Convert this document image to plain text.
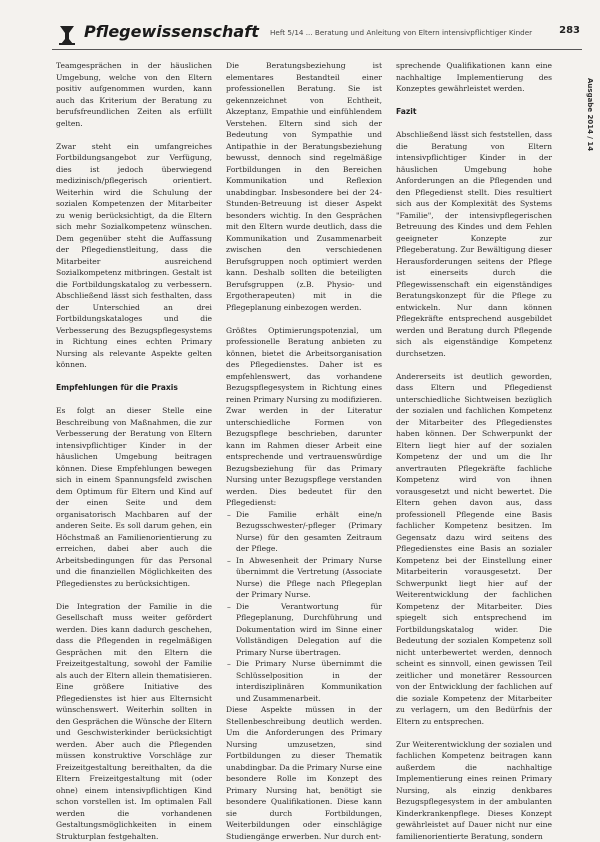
Pflegewissenschaft Heft 5/14 ... Beratung und Anleitung von Eltern intensivpflichtiger Kinder	283
Ausgabe 2014 / 14

Teamgesprächen in der häuslichen Umgebung, welche von den Eltern positiv aufgenommen wurden, kann auch das Kriterium der Beratung zu berufsfreundlichen Zeiten als erfüllt gelten.

Zwar steht ein umfangreiches Fortbildungsangebot zur Verfügung, dies ist jedoch überwiegend medizinisch/pflegerisch orientiert. Weiterhin wird die Schulung der sozialen Kompetenzen der Mitarbeiter zu wenig berücksichtigt, da die Eltern sich mehr Sozialkompetenz wünschen. Dem gegenüber steht die Auffassung der Pflegedienstleitung, dass die Mitarbeiter ausreichend Sozialkompetenz mitbringen. Gestalt ist die Fortbildungskatalog zu verbessern. Abschließend lässt sich festhalten, dass der Unterschied an drei Fortbildungskataloges und die Verbesserung des Bezugspflegesystems in Richtung eines echten Primary Nursing als relevante Aspekte gelten können.

Empfehlungen für die Praxis

Es folgt an dieser Stelle eine Beschreibung von Maßnahmen, die zur Verbesserung der Beratung von Eltern intensivpflichtiger Kinder in der häuslichen Umgebung beitragen können. Diese Empfehlungen bewegen sich in einem Spannungsfeld zwischen dem Optimum für Eltern und Kind auf der einen Seite und dem organisatorisch Machbaren auf der anderen Seite. Es soll darum gehen, ein Höchstmaß an Familienorientierung zu erreichen, dabei aber auch die Arbeitsbedingungen für das Personal und die finanziellen Möglichkeiten des Pflegedienstes zu berücksichtigen.

Die Integration der Familie in die Gesellschaft muss weiter gefördert werden. Dies kann dadurch geschehen, dass die Pflegenden in regelmäßigen Gesprächen mit den Eltern die Freizeitgestaltung, sowohl der Familie als auch der Eltern allein thematisieren. Eine größere Initiative des Pflegedienstes ist hier aus Elternsicht wünschenswert. Weiterhin sollten in den Gesprächen die Wünsche der Eltern und Geschwisterkinder berücksichtigt werden. Aber auch die Pflegenden müssen konstruktive Vorschläge zur Freizeitgestaltung bereithalten, da die Eltern Freizeitgestaltung mit (oder ohne) einem intensivpflichtigen Kind schon vorstellen ist. Im optimalen Fall werden die vorhandenen Gestaltungsmöglichkeiten in einem Strukturplan festgehalten.

Die Beratungsbeziehung ist elementares Bestandteil einer professionellen Beratung. Sie ist gekennzeichnet von Echtheit, Akzeptanz, Empathie und einfühlendem Verstehen. Eltern sind sich der Bedeutung von Sympathie und Antipathie in der Beratungsbeziehung bewusst, dennoch sind regelmäßige Fortbildungen in den Bereichen Kommunikation und Reflexion unabdingbar. Insbesondere bei der 24-Stunden-Betreuung ist dieser Aspekt besonders wichtig. In den Gesprächen mit den Eltern wurde deutlich, dass die Kommunikation und Zusammenarbeit zwischen den verschiedenen Berufsgruppen noch optimiert werden kann. Deshalb sollten die beteiligten Berufsgruppen (z.B. Physio- und Ergotherapeuten) mit in die Pflegeplanung einbezogen werden.

Größtes Optimierungspotenzial, um professionelle Beratung anbieten zu können, bietet die Arbeitsorganisation des Pflegedienstes. Daher ist es empfehlenswert, das vorhandene Bezugspflegesystem in Richtung eines reinen Primary Nursing zu modifizieren. Zwar werden in der Literatur unterschiedliche Formen von Bezugspflege beschrieben, darunter kann im Rahmen dieser Arbeit eine entsprechende und vertrauenswürdige Bezugsbeziehung für das Primary Nursing unter Bezugspflege verstanden werden. Dies bedeutet für den Pflegedienst:

– Die Familie erhält eine/n Bezugsschwester/-pfleger (Primary Nurse) für den gesamten Zeitraum der Pflege.
– In Abwesenheit der Primary Nurse übernimmt die Vertretung (Associate Nurse) die Pflege nach Pflegeplan der Primary Nurse.
– Die Verantwortung für Pflegeplanung, Durchführung und Dokumentation wird im Sinne einer Vollständigen Delegation auf die Primary Nurse übertragen.
– Die Primary Nurse übernimmt die Schlüsselposition in der interdisziplinären Kommunikation und Zusammenarbeit.

Diese Aspekte müssen in der Stellenbeschreibung deutlich werden. Um die Anforderungen des Primary Nursing umzusetzen, sind Fortbildungen zu dieser Thematik unabdingbar. Da die Primary Nurse eine besondere Rolle im Konzept des Primary Nursing hat, benötigt sie besondere Qualifikationen. Diese kann sie durch Fortbildungen, Weiterbildungen oder einschlägige Studiengänge erwerben. Nur durch ent-

sprechende Qualifikationen kann eine nachhaltige Implementierung des Konzeptes gewährleistet werden.

Fazit

Abschließend lässt sich feststellen, dass die Beratung von Eltern intensivpflichtiger Kinder in der häuslichen Umgebung hohe Anforderungen an die Pflegenden und den Pflegedienst stellt. Dies resultiert sich aus der Komplexität des Systems "Familie", der intensivpflegerischen Betreuung des Kindes und dem Fehlen geeigneter Konzepte zur Pflegeberatung. Zur Bewältigung dieser Herausforderungen seitens der Pflege ist einerseits durch die Pflegewissenschaft ein eigenständiges Beratungskonzept für die Pflege zu entwickeln. Nur dann können Pflegekräfte entsprechend ausgebildet werden und Beratung durch Pflegende sich als eigenständige Kompetenz durchsetzen.

Andererseits ist deutlich geworden, dass Eltern und Pflegedienst unterschiedliche Sichtweisen bezüglich der sozialen und fachlichen Kompetenz der Mitarbeiter des Pflegedienstes haben können. Der Schwerpunkt der Eltern liegt hier auf der sozialen Kompetenz der und um die Ihr anvertrauten Pflegekräfte fachliche Kompetenz wird von ihnen vorausgesetzt und nicht bewertet. Die Eltern gehen davon aus, dass professionell Pflegende eine Basis fachlicher Kompetenz besitzen. Im Gegensatz dazu wird seitens des Pflegedienstes eine Basis an sozialer Kompetenz bei der Einstellung einer Mitarbeiterin vorausgesetzt. Der Schwerpunkt liegt hier auf der Weiterentwicklung der fachlichen Kompetenz der Mitarbeiter. Dies spiegelt sich entsprechend im Fortbildungskatalog wider. Die Bedeutung der sozialen Kompetenz soll nicht unterbewertet werden, dennoch scheint es sinnvoll, einen gewissen Teil zeitlicher und monetärer Ressourcen von der Entwicklung der fachlichen auf die soziale Kompetenz der Mitarbeiter zu verlagern, um den Bedürfnis der Eltern zu entsprechen.

Zur Weiterentwicklung der sozialen und fachlichen Kompetenz beitragen kann außerdem die nachhaltige Implementierung eines reinen Primary Nursing, als einzig denkbares Bezugspflegesystem in der ambulanten Kinderkrankenpflege. Dieses Konzept gewährleistet auf Dauer nicht nur eine familienorientierte Beratung, sondern
